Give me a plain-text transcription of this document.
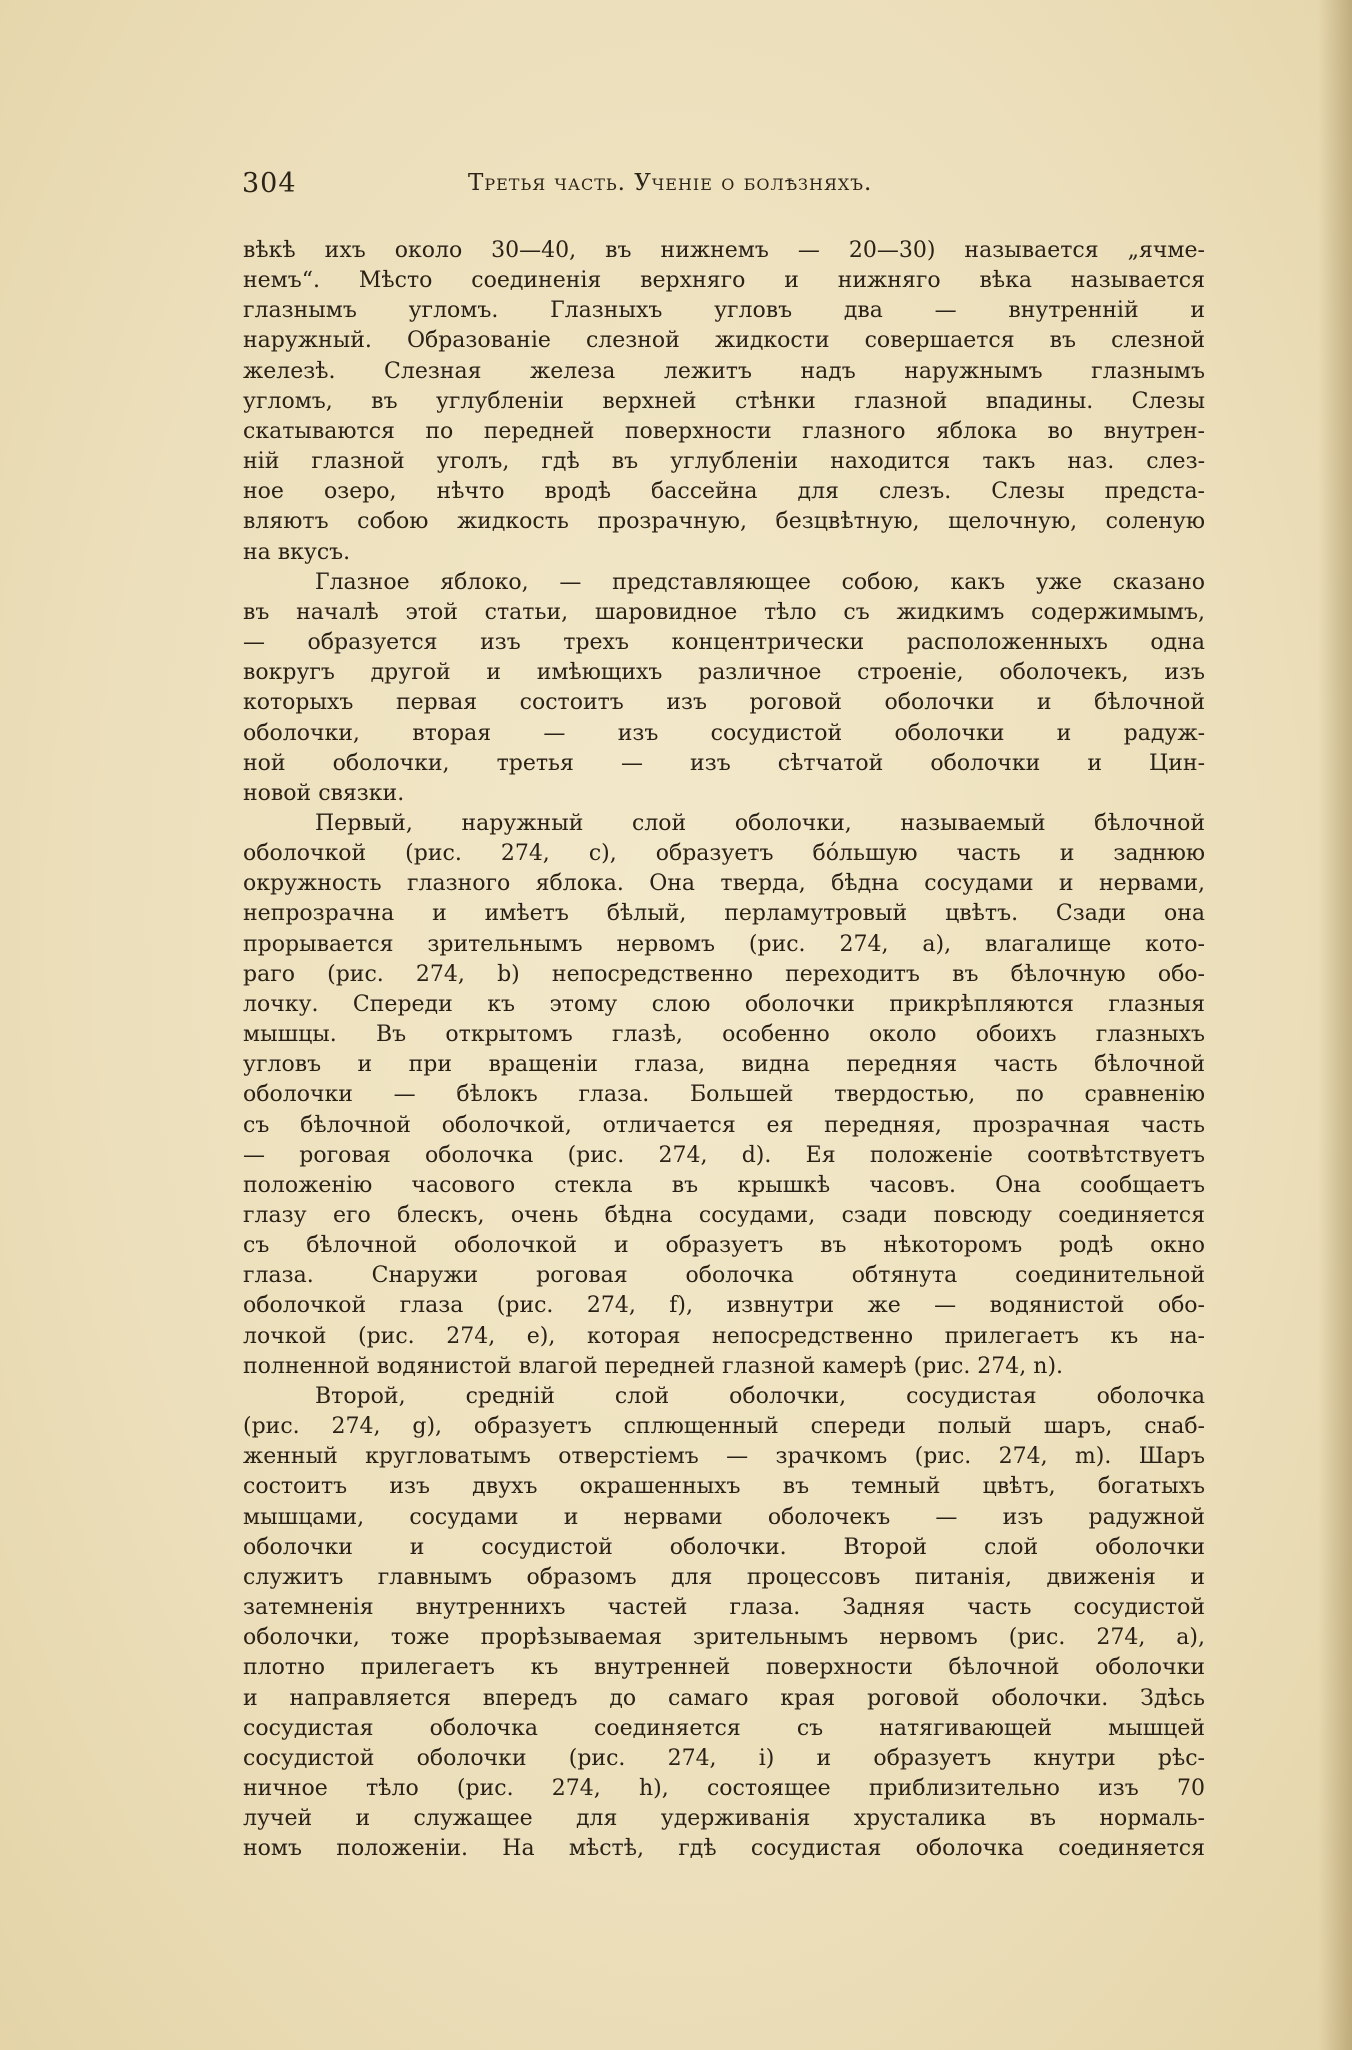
304	Третья часть. Ученіе о болѣзняхъ.
вѣкѣ ихъ около 30—40, въ нижнемъ — 20—30) называется „ячме-
немъ“. Мѣсто соединенія верхняго и нижняго вѣка называется
глазнымъ угломъ. Глазныхъ угловъ два — внутренній и
наружный. Образованіе слезной жидкости совершается въ слезной
железѣ. Слезная железа лежитъ надъ наружнымъ глазнымъ
угломъ, въ углубленіи верхней стѣнки глазной впадины. Слезы
скатываются по передней поверхности глазного яблока во внутрен-
ній глазной уголъ, гдѣ въ углубленіи находится такъ наз. слез-
ное озеро, нѣчто вродѣ бассейна для слезъ. Слезы предста-
вляютъ собою жидкость прозрачную, безцвѣтную, щелочную, соленую
на вкусъ.
Глазное яблоко, — представляющее собою, какъ уже сказано
въ началѣ этой статьи, шаровидное тѣло съ жидкимъ содержимымъ,
— образуется изъ трехъ концентрически расположенныхъ одна
вокругъ другой и имѣющихъ различное строеніе, оболочекъ, изъ
которыхъ первая состоитъ изъ роговой оболочки и бѣлочной
оболочки, вторая — изъ сосудистой оболочки и радуж-
ной оболочки, третья — изъ сѣтчатой оболочки и Цин-
новой связки.
Первый, наружный слой оболочки, называемый бѣлочной
оболочкой (рис. 274, c), образуетъ бо́льшую часть и заднюю
окружность глазного яблока. Она тверда, бѣдна сосудами и нервами,
непрозрачна и имѣетъ бѣлый, перламутровый цвѣтъ. Сзади она
прорывается зрительнымъ нервомъ (рис. 274, a), влагалище кото-
раго (рис. 274, b) непосредственно переходитъ въ бѣлочную обо-
лочку. Спереди къ этому слою оболочки прикрѣпляются глазныя
мышцы. Въ открытомъ глазѣ, особенно около обоихъ глазныхъ
угловъ и при вращеніи глаза, видна передняя часть бѣлочной
оболочки — бѣлокъ глаза. Большей твердостью, по сравненію
съ бѣлочной оболочкой, отличается ея передняя, прозрачная часть
— роговая оболочка (рис. 274, d). Ея положеніе соотвѣтствуетъ
положенію часового стекла въ крышкѣ часовъ. Она сообщаетъ
глазу его блескъ, очень бѣдна сосудами, сзади повсюду соединяется
съ бѣлочной оболочкой и образуетъ въ нѣкоторомъ родѣ окно
глаза. Снаружи роговая оболочка обтянута соединительной
оболочкой глаза (рис. 274, f), извнутри же — водянистой обо-
лочкой (рис. 274, e), которая непосредственно прилегаетъ къ на-
полненной водянистой влагой передней глазной камерѣ (рис. 274, n).
Второй, средній слой оболочки, сосудистая оболочка
(рис. 274, g), образуетъ сплющенный спереди полый шаръ, снаб-
женный кругловатымъ отверстіемъ — зрачкомъ (рис. 274, m). Шаръ
состоитъ изъ двухъ окрашенныхъ въ темный цвѣтъ, богатыхъ
мышцами, сосудами и нервами оболочекъ — изъ радужной
оболочки и сосудистой оболочки. Второй слой оболочки
служитъ главнымъ образомъ для процессовъ питанія, движенія и
затемненія внутреннихъ частей глаза. Задняя часть сосудистой
оболочки, тоже прорѣзываемая зрительнымъ нервомъ (рис. 274, a),
плотно прилегаетъ къ внутренней поверхности бѣлочной оболочки
и направляется впередъ до самаго края роговой оболочки. Здѣсь
сосудистая оболочка соединяется съ натягивающей мышцей
сосудистой оболочки (рис. 274, i) и образуетъ кнутри рѣс-
ничное тѣло (рис. 274, h), состоящее приблизительно изъ 70
лучей и служащее для удерживанія хрусталика въ нормаль-
номъ положеніи. На мѣстѣ, гдѣ сосудистая оболочка соединяется
